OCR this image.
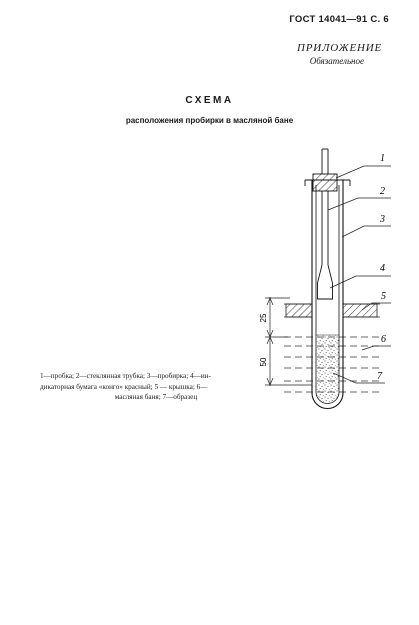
ГОСТ 14041—91 С. 6
ПРИЛОЖЕНИЕ
Обязательное
СХЕМА
расположения пробирки в масляной бане
25
50
1
2
3
4
5
6
7
1—пробка; 2—стеклянная трубка; 3—пробирка; 4—ин-
дикаторная бумага «конго» красный; 5 — крышка; 6—
масляная баня; 7—образец
